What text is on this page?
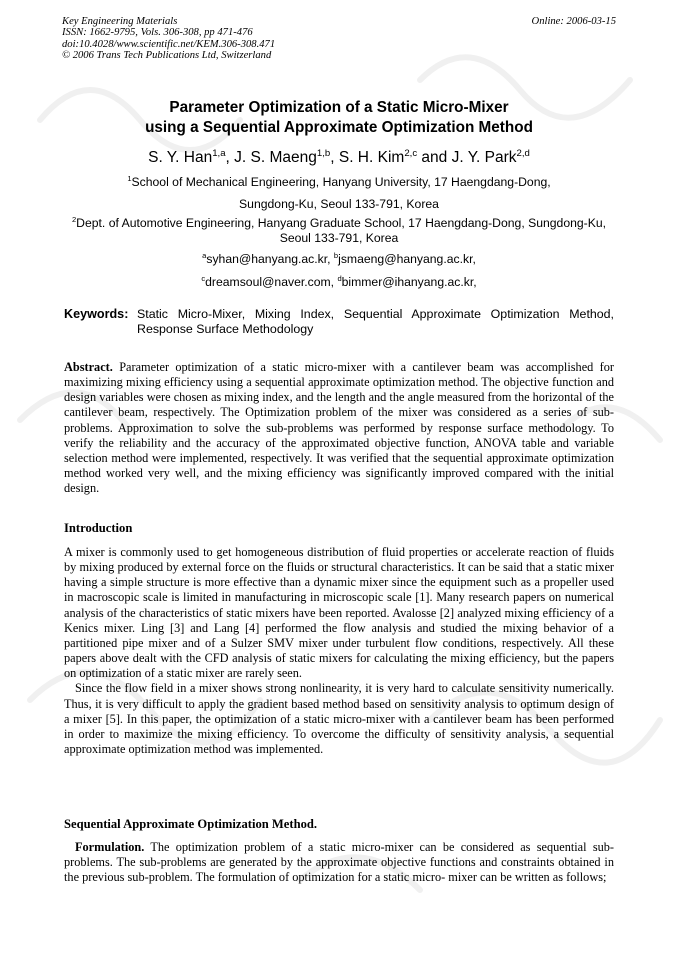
Key Engineering Materials
ISSN: 1662-9795, Vols. 306-308, pp 471-476
doi:10.4028/www.scientific.net/KEM.306-308.471
© 2006 Trans Tech Publications Ltd, Switzerland
Online: 2006-03-15
Parameter Optimization of a Static Micro-Mixer
using a Sequential Approximate Optimization Method
S. Y. Han$^{1,a}$, J. S. Maeng$^{1,b}$, S. H. Kim$^{2,c}$ and J. Y. Park$^{2,d}$
$^1$School of Mechanical Engineering, Hanyang University, 17 Haengdang-Dong,
Sungdong-Ku, Seoul 133-791, Korea
$^2$Dept. of Automotive Engineering, Hanyang Graduate School, 17 Haengdang-Dong, Sungdong-Ku,
Seoul 133-791, Korea
$^a$syhan@hanyang.ac.kr, $^b$jsmaeng@hanyang.ac.kr,
$^c$dreamsoul@naver.com, $^d$bimmer@ihanyang.ac.kr,
Keywords: Static Micro-Mixer, Mixing Index, Sequential Approximate Optimization Method, Response Surface Methodology

Abstract. Parameter optimization of a static micro-mixer with a cantilever beam was accomplished for maximizing mixing efficiency using a sequential approximate optimization method. The objective function and design variables were chosen as mixing index, and the length and the angle measured from the horizontal of the cantilever beam, respectively. The Optimization problem of the mixer was considered as a series of sub-problems. Approximation to solve the sub-problems was performed by response surface methodology. To verify the reliability and the accuracy of the approximated objective function, ANOVA table and variable selection method were implemented, respectively. It was verified that the sequential approximate optimization method worked very well, and the mixing efficiency was significantly improved compared with the initial design.

Introduction

A mixer is commonly used to get homogeneous distribution of fluid properties or accelerate reaction of fluids by mixing produced by external force on the fluids or structural characteristics. It can be said that a static mixer having a simple structure is more effective than a dynamic mixer since the equipment such as a propeller used in macroscopic scale is limited in manufacturing in microscopic scale [1]. Many research papers on numerical analysis of the characteristics of static mixers have been reported. Avalosse [2] analyzed mixing efficiency of a Kenics mixer. Ling [3] and Lang [4] performed the flow analysis and studied the mixing behavior of a partitioned pipe mixer and of a Sulzer SMV mixer under turbulent flow conditions, respectively. All these papers above dealt with the CFD analysis of static mixers for calculating the mixing efficiency, but the papers on optimization of a static mixer are rarely seen.

Since the flow field in a mixer shows strong nonlinearity, it is very hard to calculate sensitivity numerically. Thus, it is very difficult to apply the gradient based method based on sensitivity analysis to optimum design of a mixer [5]. In this paper, the optimization of a static micro-mixer with a cantilever beam has been performed in order to maximize the mixing efficiency. To overcome the difficulty of sensitivity analysis, a sequential approximate optimization method was implemented.

Sequential Approximate Optimization Method.

Formulation. The optimization problem of a static micro-mixer can be considered as sequential sub-problems. The sub-problems are generated by the approximate objective functions and constraints obtained in the previous sub-problem. The formulation of optimization for a static micro- mixer can be written as follows;
